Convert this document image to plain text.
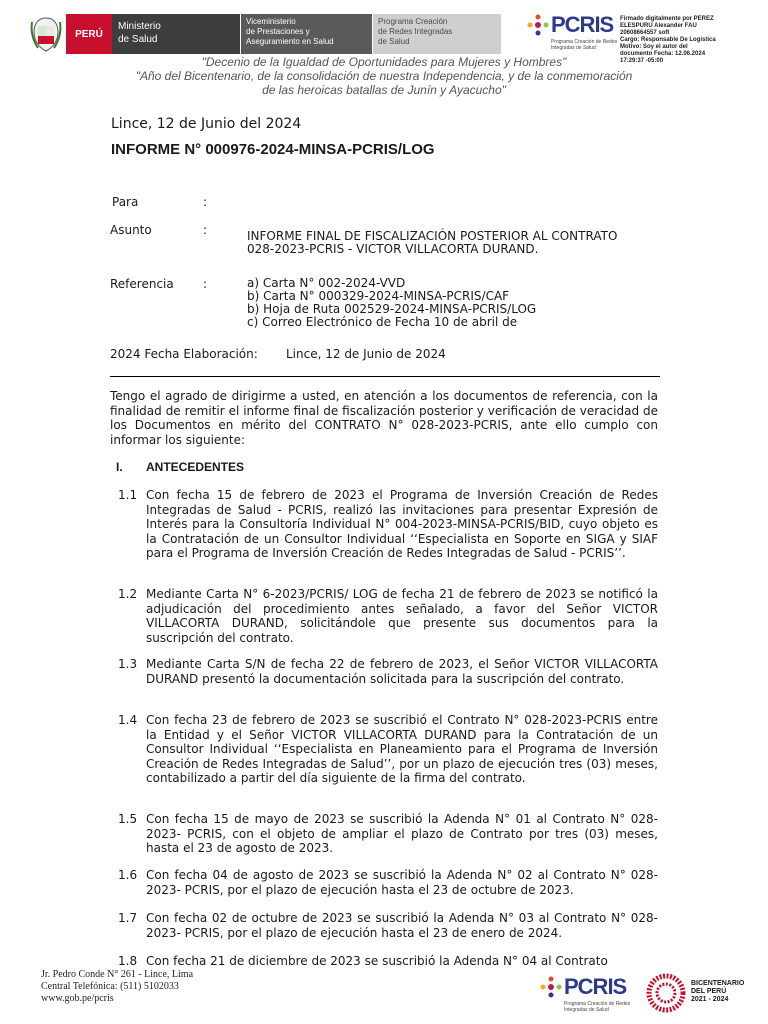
PERÚ
Ministerio
de Salud
Viceministerio
de Prestaciones y
Aseguramiento en Salud
Programa Creación
de Redes Integradas
de Salud
PCRIS
Programa Creación de Redes
Integradas de Salud
Firmado digitalmente por PEREZ
ELESPURU Alexander FAU
20608664557 soft
Cargo: Responsable De Logística
Motivo: Soy el autor del
documento Fecha: 12.06.2024
17:29:37 -05:00
"Decenio de la Igualdad de Oportunidades para Mujeres y Hombres"
"Año del Bicentenario, de la consolidación de nuestra Independencia, y de la conmemoración
de las heroicas batallas de Junín y Ayacucho"
Lince, 12 de Junio del 2024
INFORME N° 000976-2024-MINSA-PCRIS/LOG
Para	:
Asunto	:	INFORME FINAL DE FISCALIZACIÓN POSTERIOR AL CONTRATO
028-2023-PCRIS - VICTOR VILLACORTA DURAND.
Referencia :	a) Carta N° 002-2024-VVD
b) Carta N° 000329-2024-MINSA-PCRIS/CAF
b) Hoja de Ruta 002529-2024-MINSA-PCRIS/LOG
c) Correo Electrónico de Fecha 10 de abril de
2024 Fecha Elaboración: Lince, 12 de Junio de 2024
Tengo el agrado de dirigirme a usted, en atención a los documentos de referencia, con la finalidad de remitir el informe final de fiscalización posterior y verificación de veracidad de los Documentos en mérito del CONTRATO N° 028-2023-PCRIS, ante ello cumplo con informar los siguiente:
I. ANTECEDENTES
1.1 Con fecha 15 de febrero de 2023 el Programa de Inversión Creación de Redes Integradas de Salud - PCRIS, realizó las invitaciones para presentar Expresión de Interés para la Consultoría Individual N° 004-2023-MINSA-PCRIS/BID, cuyo objeto es la Contratación de un Consultor Individual ‘‘Especialista en Soporte en SIGA y SIAF para el Programa de Inversión Creación de Redes Integradas de Salud - PCRIS’’.
1.2 Mediante Carta N° 6-2023/PCRIS/ LOG de fecha 21 de febrero de 2023 se notificó la adjudicación del procedimiento antes señalado, a favor del Señor VICTOR VILLACORTA DURAND, solicitándole que presente sus documentos para la suscripción del contrato.
1.3 Mediante Carta S/N de fecha 22 de febrero de 2023, el Señor VICTOR VILLACORTA DURAND presentó la documentación solicitada para la suscripción del contrato.
1.4 Con fecha 23 de febrero de 2023 se suscribió el Contrato N° 028-2023-PCRIS entre la Entidad y el Señor VICTOR VILLACORTA DURAND para la Contratación de un Consultor Individual ‘‘Especialista en Planeamiento para el Programa de Inversión Creación de Redes Integradas de Salud’’, por un plazo de ejecución tres (03) meses, contabilizado a partir del día siguiente de la firma del contrato.
1.5 Con fecha 15 de mayo de 2023 se suscribió la Adenda N° 01 al Contrato N° 028-2023- PCRIS, con el objeto de ampliar el plazo de Contrato por tres (03) meses, hasta el 23 de agosto de 2023.
1.6 Con fecha 04 de agosto de 2023 se suscribió la Adenda N° 02 al Contrato N° 028-2023- PCRIS, por el plazo de ejecución hasta el 23 de octubre de 2023.
1.7 Con fecha 02 de octubre de 2023 se suscribió la Adenda N° 03 al Contrato N° 028-2023- PCRIS, por el plazo de ejecución hasta el 23 de enero de 2024.
1.8 Con fecha 21 de diciembre de 2023 se suscribió la Adenda N° 04 al Contrato
Jr. Pedro Conde N° 261 - Lince, Lima
Central Telefónica: (511) 5102033
www.gob.pe/pcris	PCRIS
Programa Creación de Redes
Integradas de Salud
BICENTENARIO
DEL PERÚ
2021 - 2024
